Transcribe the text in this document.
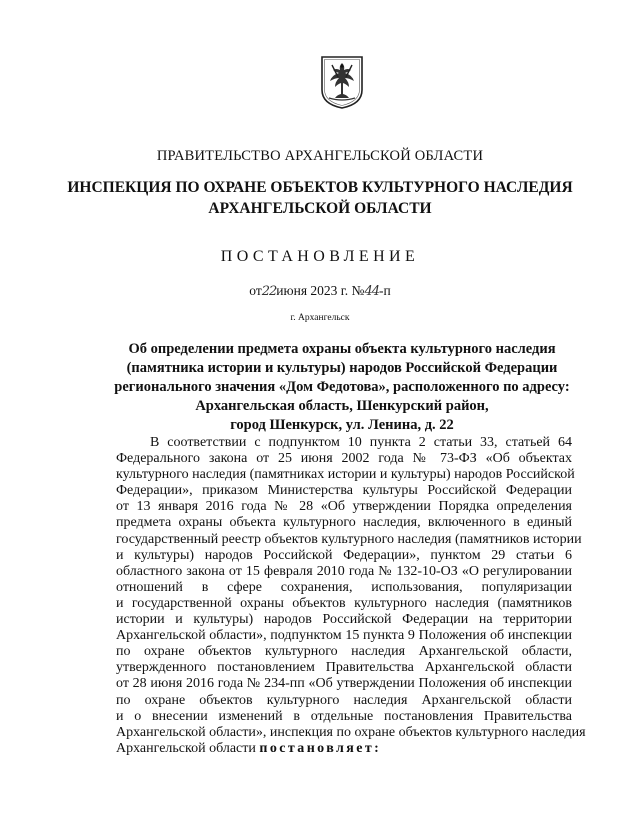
ПРАВИТЕЛЬСТВО АРХАНГЕЛЬСКОЙ ОБЛАСТИ
ИНСПЕКЦИЯ ПО ОХРАНЕ ОБЪЕКТОВ КУЛЬТУРНОГО НАСЛЕДИЯ
АРХАНГЕЛЬСКОЙ ОБЛАСТИ
ПОСТАНОВЛЕНИЕ
от22июня 2023 г. №44-п
г. Архангельск
Об определении предмета охраны объекта культурного наследия
(памятника истории и культуры) народов Российской Федерации
регионального значения «Дом Федотова», расположенного по адресу:
Архангельская область, Шенкурский район,
город Шенкурск, ул. Ленина, д. 22
В соответствии с подпунктом 10 пункта 2 статьи 33, статьей 64
Федерального закона от 25 июня 2002 года № 73-ФЗ «Об объектах
культурного наследия (памятниках истории и культуры) народов Российской
Федерации», приказом Министерства культуры Российской Федерации
от 13 января 2016 года № 28 «Об утверждении Порядка определения
предмета охраны объекта культурного наследия, включенного в единый
государственный реестр объектов культурного наследия (памятников истории
и культуры) народов Российской Федерации», пунктом 29 статьи 6
областного закона от 15 февраля 2010 года № 132-10-ОЗ «О регулировании
отношений в сфере сохранения, использования, популяризации
и государственной охраны объектов культурного наследия (памятников
истории и культуры) народов Российской Федерации на территории
Архангельской области», подпунктом 15 пункта 9 Положения об инспекции
по охране объектов культурного наследия Архангельской области,
утвержденного постановлением Правительства Архангельской области
от 28 июня 2016 года № 234-пп «Об утверждении Положения об инспекции
по охране объектов культурного наследия Архангельской области
и о внесении изменений в отдельные постановления Правительства
Архангельской области», инспекция по охране объектов культурного наследия
Архангельской области постановляет:
